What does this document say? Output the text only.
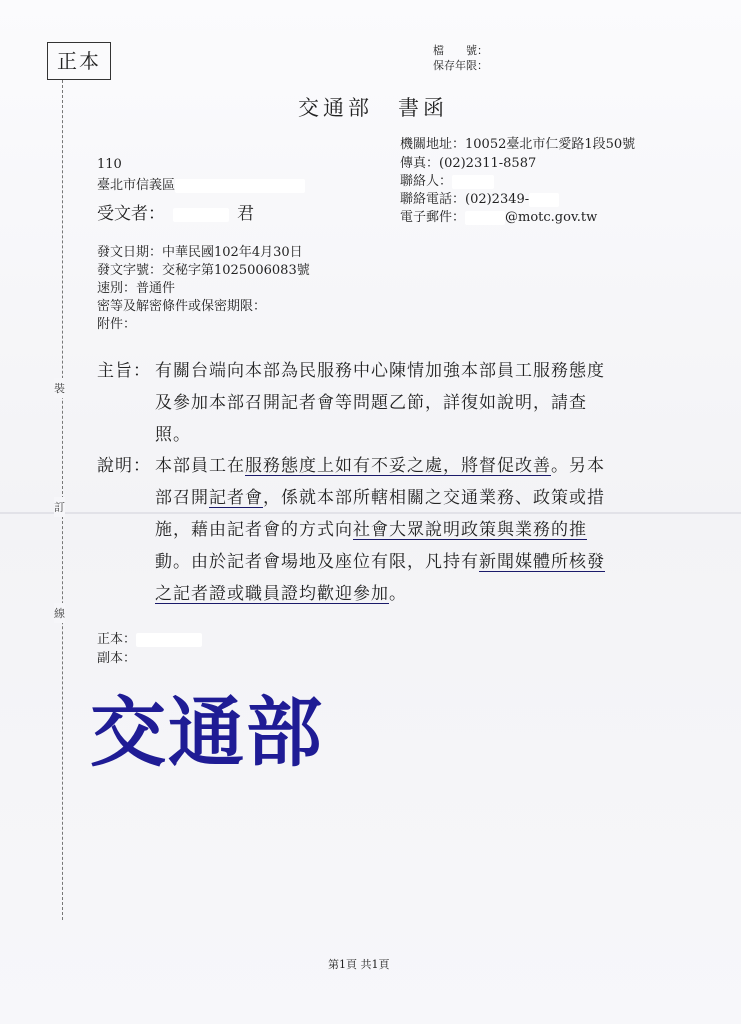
正本	檔　　號：
保存年限：
交通部　書函
機關地址：10052臺北市仁愛路1段50號
傳真：(02)2311-8587
聯絡人：
聯絡電話：(02)2349-
電子郵件：	@motc.gov.tw
110
臺北市信義區
受文者：	君
發文日期：中華民國102年4月30日
發文字號：交秘字第1025006083號
速別：普通件
密等及解密條件或保密期限：
附件：
主旨： 有關台端向本部為民服務中心陳情加強本部員工服務態度
及參加本部召開記者會等問題乙節，詳復如說明，請查
照。
說明： 本部員工在服務態度上如有不妥之處，將督促改善。另本
部召開記者會，係就本部所轄相關之交通業務、政策或措
施，藉由記者會的方式向社會大眾說明政策與業務的推
動。由於記者會場地及座位有限，凡持有新聞媒體所核發
之記者證或職員證均歡迎參加。
正本：
副本：
裝
訂
線
交通部
第1頁 共1頁
